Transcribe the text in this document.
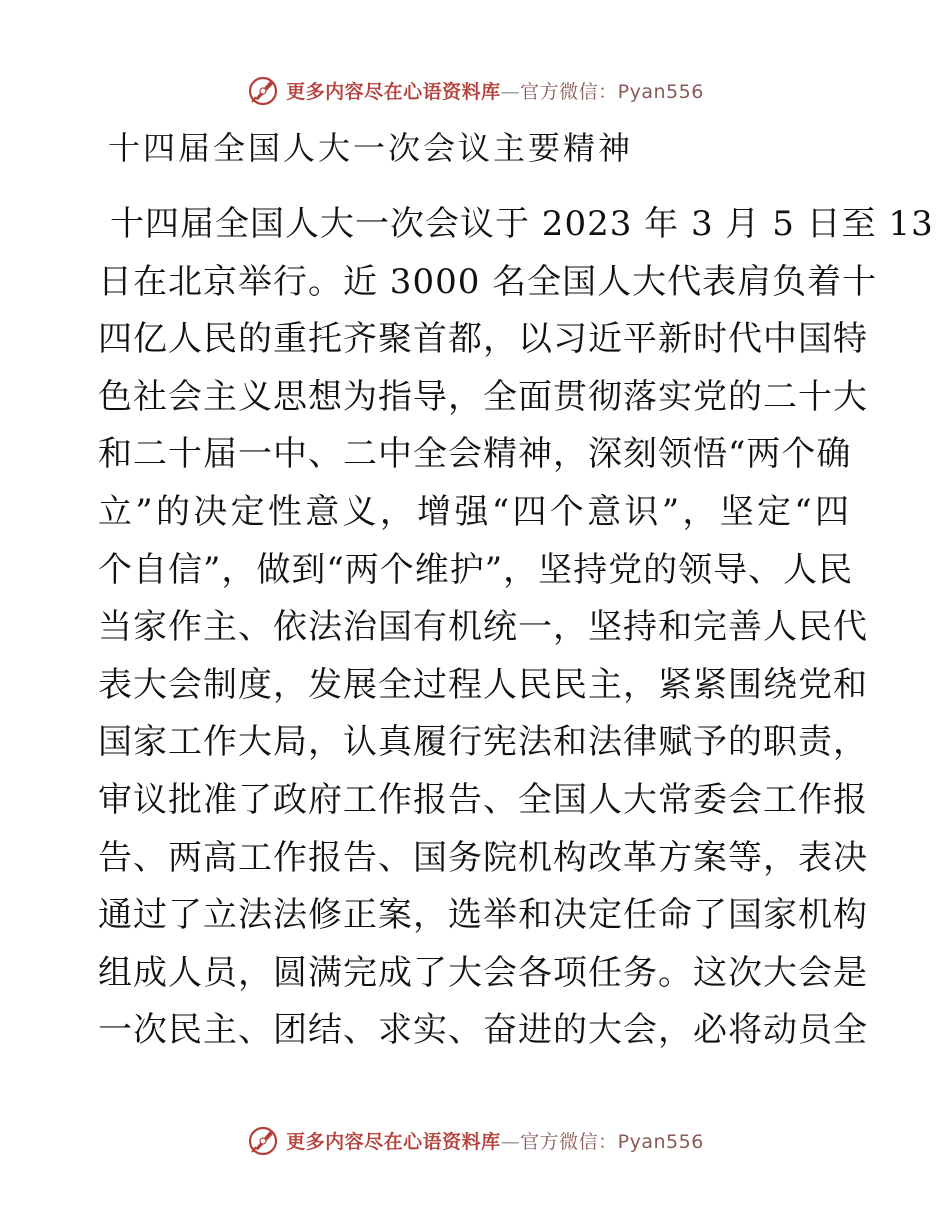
更多内容尽在心语资料库—官方微信：Pyan556
十四届全国人大一次会议主要精神
十四届全国人大一次会议于 2023 年 3 月 5 日至 13
日在北京举行。近 3000 名全国人大代表肩负着十
四亿人民的重托齐聚首都，以习近平新时代中国特
色社会主义思想为指导，全面贯彻落实党的二十大
和二十届一中、二中全会精神，深刻领悟“两个确
立”的决定性意义，增强“四个意识”，坚定“四
个自信”，做到“两个维护”，坚持党的领导、人民
当家作主、依法治国有机统一，坚持和完善人民代
表大会制度，发展全过程人民民主，紧紧围绕党和
国家工作大局，认真履行宪法和法律赋予的职责，
审议批准了政府工作报告、全国人大常委会工作报
告、两高工作报告、国务院机构改革方案等，表决
通过了立法法修正案，选举和决定任命了国家机构
组成人员，圆满完成了大会各项任务。这次大会是
一次民主、团结、求实、奋进的大会，必将动员全
更多内容尽在心语资料库—官方微信：Pyan556
